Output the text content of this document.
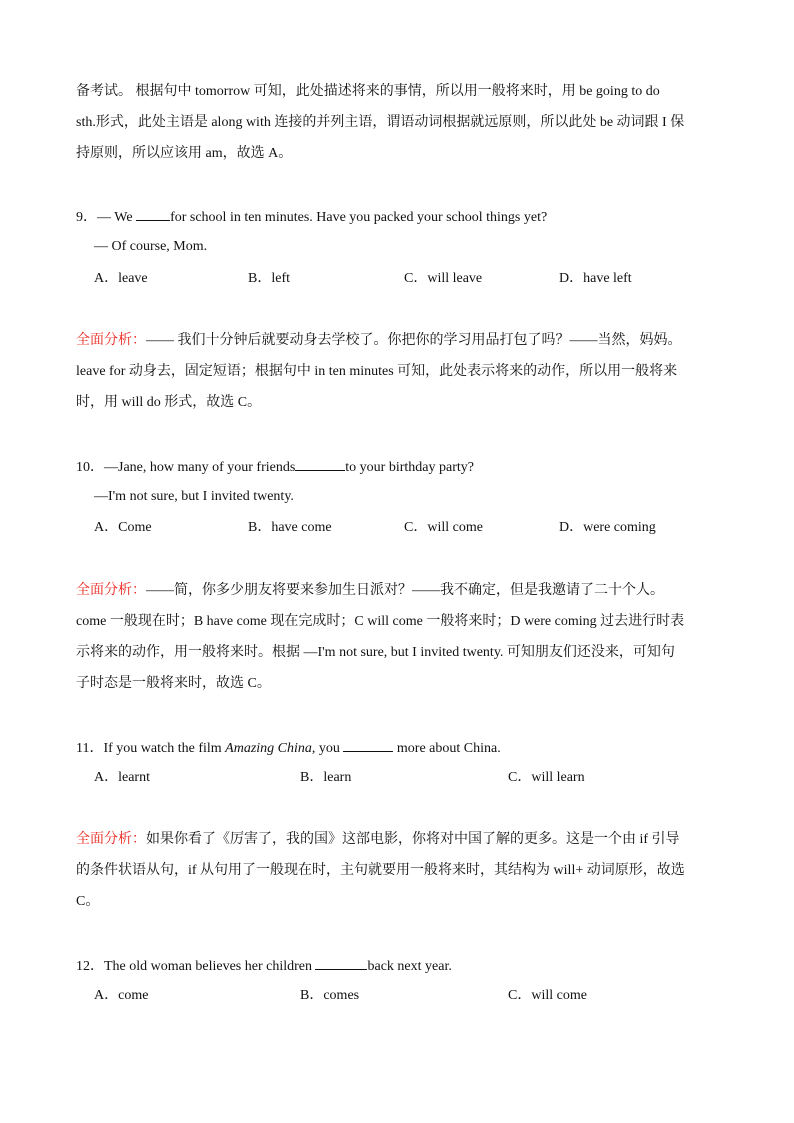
备考试。 根据句中 tomorrow 可知，此处描述将来的事情，所以用一般将来时，用 be going to do
sth.形式，此处主语是 along with 连接的并列主语，谓语动词根据就远原则，所以此处 be 动词跟 I 保
持原则，所以应该用 am，故选 A。
9．— We for school in ten minutes. Have you packed your school things yet?
— Of course, Mom.
A．leave	B．left	C．will leave	D．have left
全面分析：—— 我们十分钟后就要动身去学校了。你把你的学习用品打包了吗？——当然，妈妈。
leave for 动身去，固定短语；根据句中 in ten minutes 可知，此处表示将来的动作，所以用一般将来
时，用 will do 形式，故选 C。
10．—Jane, how many of your friends	to your birthday party?
—I'm not sure, but I invited twenty.
A．Come	B．have come	C．will come	D．were coming
全面分析：——简，你多少朋友将要来参加生日派对？——我不确定，但是我邀请了二十个人。
come 一般现在时；B have come 现在完成时；C will come 一般将来时；D were coming 过去进行时表
示将来的动作，用一般将来时。根据 —I'm not sure, but I invited twenty. 可知朋友们还没来，可知句
子时态是一般将来时，故选 C。
11．If you watch the film Amazing China, you	more about China.
A．learnt	B．learn	C．will learn
全面分析：如果你看了《厉害了，我的国》这部电影，你将对中国了解的更多。这是一个由 if 引导
的条件状语从句，if 从句用了一般现在时，主句就要用一般将来时，其结构为 will+ 动词原形，故选
C。
12．The old woman believes her children	back next year.
A．come	B．comes	C．will come
